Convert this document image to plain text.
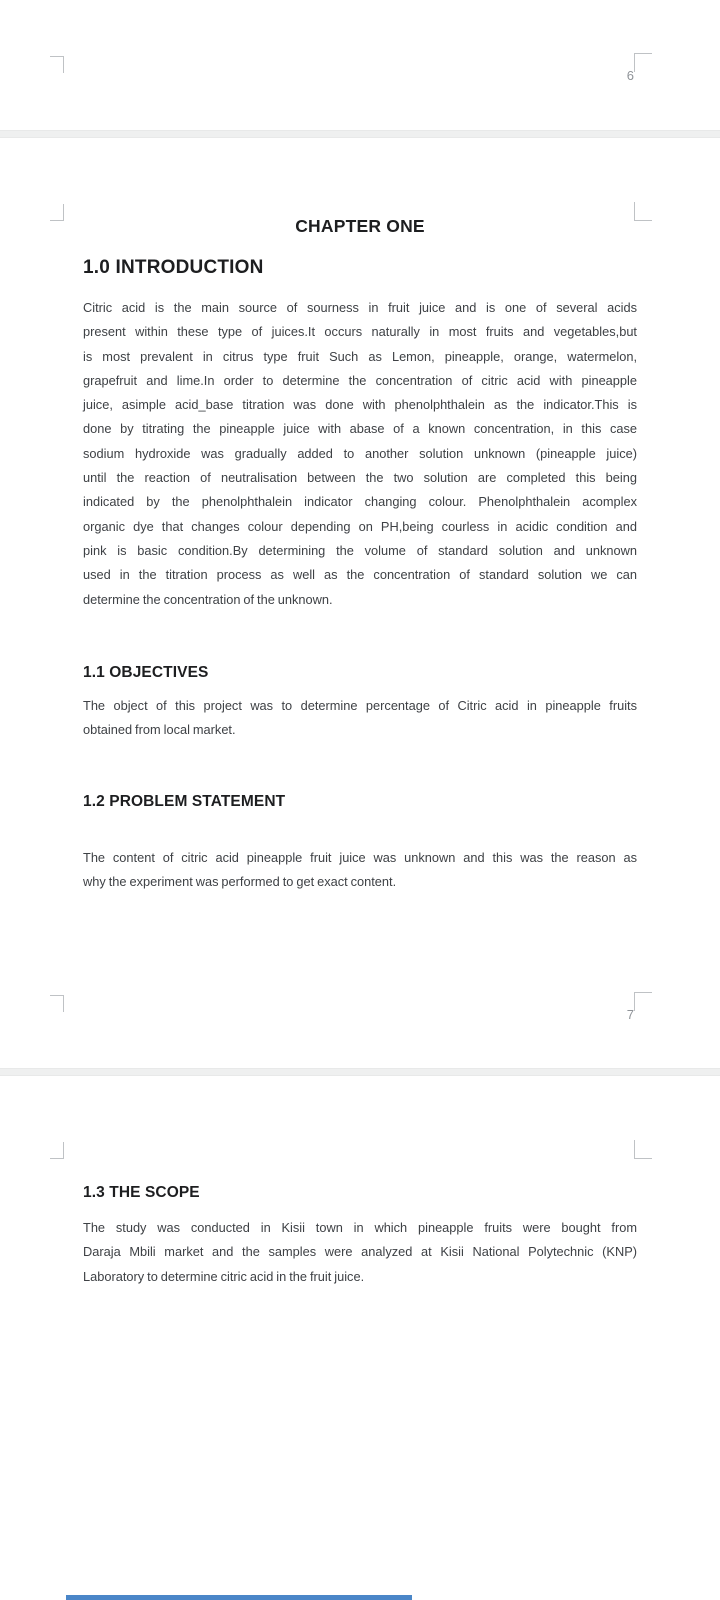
6
CHAPTER ONE
1.0 INTRODUCTION
Citric acid is the main source of sourness in fruit juice and is one of several acids
present within these type of juices.It occurs naturally in most fruits and vegetables,but
is most prevalent in citrus type fruit Such as Lemon, pineapple, orange, watermelon,
grapefruit and lime.In order to determine the concentration of citric acid with pineapple
juice, asimple acid_base titration was done with phenolphthalein as the indicator.This is
done by titrating the pineapple juice with abase of a known concentration, in this case
sodium hydroxide was gradually added to another solution unknown (pineapple juice)
until the reaction of neutralisation between the two solution are completed this being
indicated by the phenolphthalein indicator changing colour. Phenolphthalein acomplex
organic dye that changes colour depending on PH,being courless in acidic condition and
pink is basic condition.By determining the volume of standard solution and unknown
used in the titration process as well as the concentration of standard solution we can
determine the concentration of the unknown.
1.1 OBJECTIVES
The object of this project was to determine percentage of Citric acid in pineapple fruits
obtained from local market.
1.2 PROBLEM STATEMENT
The content of citric acid pineapple fruit juice was unknown and this was the reason as
why the experiment was performed to get exact content.
7
1.3 THE SCOPE
The study was conducted in Kisii town in which pineapple fruits were bought from
Daraja Mbili market and the samples were analyzed at Kisii National Polytechnic (KNP)
Laboratory to determine citric acid in the fruit juice.
